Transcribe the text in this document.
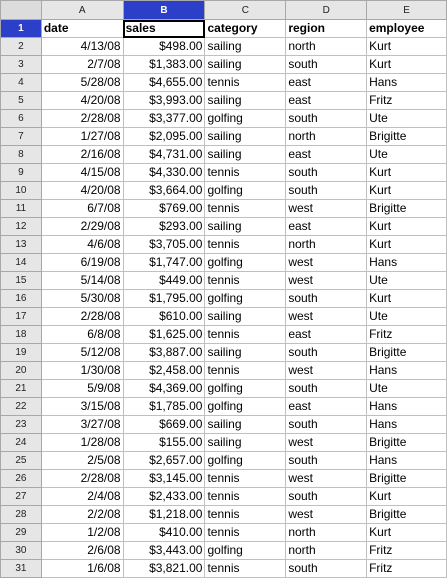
	A	B	C	D	E
1	date	sales	category	region	employee
2	4/13/08	$498.00	sailing	north	Kurt
3	2/7/08	$1,383.00	sailing	south	Kurt
4	5/28/08	$4,655.00	tennis	east	Hans
5	4/20/08	$3,993.00	sailing	east	Fritz
6	2/28/08	$3,377.00	golfing	south	Ute
7	1/27/08	$2,095.00	sailing	north	Brigitte
8	2/16/08	$4,731.00	sailing	east	Ute
9	4/15/08	$4,330.00	tennis	south	Kurt
10	4/20/08	$3,664.00	golfing	south	Kurt
11	6/7/08	$769.00	tennis	west	Brigitte
12	2/29/08	$293.00	sailing	east	Kurt
13	4/6/08	$3,705.00	tennis	north	Kurt
14	6/19/08	$1,747.00	golfing	west	Hans
15	5/14/08	$449.00	tennis	west	Ute
16	5/30/08	$1,795.00	golfing	south	Kurt
17	2/28/08	$610.00	sailing	west	Ute
18	6/8/08	$1,625.00	tennis	east	Fritz
19	5/12/08	$3,887.00	sailing	south	Brigitte
20	1/30/08	$2,458.00	tennis	west	Hans
21	5/9/08	$4,369.00	golfing	south	Ute
22	3/15/08	$1,785.00	golfing	east	Hans
23	3/27/08	$669.00	sailing	south	Hans
24	1/28/08	$155.00	sailing	west	Brigitte
25	2/5/08	$2,657.00	golfing	south	Hans
26	2/28/08	$3,145.00	tennis	west	Brigitte
27	2/4/08	$2,433.00	tennis	south	Kurt
28	2/2/08	$1,218.00	tennis	west	Brigitte
29	1/2/08	$410.00	tennis	north	Kurt
30	2/6/08	$3,443.00	golfing	north	Fritz
31	1/6/08	$3,821.00	tennis	south	Fritz
